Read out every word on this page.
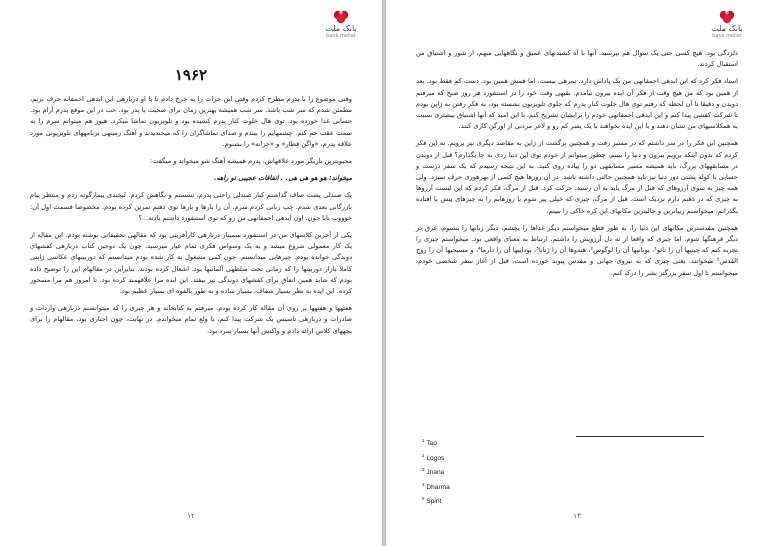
بانک ملت
bank mellat
۱۹۶۲

وقتی موضوع را با پدرم مطرح کردم وقتی این جرات را به خرج دادم تا با او دربارهی این ایدهی احمقانه حرف بزنم، مطمئن شدم که سر شب باشد. سر شب همیشه بهترین زمان برای صحبت با پدر بود. خب در این موقع پدرم آرام بود. حسابی غذا خورده بود. توی هال خلوت کنار پدرم کشیده بود و تلویزیون تماشا میکرد. هنوز هم میتوانم سرم را به سمت عقب خم کنم. چشمهایم را ببندم و صدای تماشاگران را که میخندیدند و آهنگ زمینهی برنامههای تلویزیونی مورد علاقه پدرم، «واگن قطار» و «خزانه» را بشنوم.

محبوبترین بازیگر مورد علاقهاش، پدرم همیشه آهنگ شو میخواند و میگفت:

میخواند: هو هو هی هی. . اتفاقات عجیبی تو راهه.

یک صندلی پشت صاف گذاشتم کنار صندلی راحتی پدرم، نشستم و نگاهش کردم. لبخندی بیمارگونه زدم و منتظر پیام بازرگانی بعدی شدم. چپ زبانی کردم سرم. آن را بارها و بارها توی ذهنم تمرین کرده بودم. مخصوصا قسمت اول آن: خوووب بابا جون، اون ایدهی احمقانهی من رو که توی استنفورد داشتم یادته...؟

یکی از آخرین کلاسهای من در استنفورد سمینار دربارهی کارآفرینی بود که مقالهی تحقیقاتی نوشته بودم. این مقاله از یک کار معمولی شروع میشد و به یک وسواس فکری تمام عیار میرسید. چون یک دوجین کتاب دربارهی کفشهای دوندگی خوانده بودم. چیزهایی میدانستم. چون کمی مشغول به کار شده بودم میدانستم که دوربینهای عکاسی ژاپنی کاملا بازار دوربینها را که زمانی تحت سلطهی آلمانیها بود. اشغال کرده بودند. بنابراین در مقالهام این را توضیح داده بودم که شاید همین اتفاق برای کفشهای دوندگی نیز بیفتد. این ایده مرا علاقهمند کرده بود. تا امروز هم مرا مسحور کرده. این ایده به نظر بسیار شفاف، بسیار ساده و به طور بالقوه ای بسیار عظیم بود.

هفتهها و هفتهها بر روی آن مقاله کار کرده بودم. میرفتم به کتابخانه و هر چیزی را که میتوانستم دربارهی واردات و صادرات و دربارهی تاسیس یک شرکت پیدا کنم، با ولع تمام میخواندم. در نهایت، چون اجباری بود، مقالهام را برای بچههای کلاس ارائه دادم و واکنش آنها بسیار سرد بود.

۱۲
بانک ملت
bank mellat

دلزدگی بود. هیچ کسی حتی یک سوال هم نپرسید. آنها با آه کشیدنهای عمیق و نگاههایی مبهم، از شور و اشتیاق من استقبال کردند.

استاد فکر کرد که این ایدهی احمقانهی من یک پاداش دارد. نمرهی بیست. اما همش همین بود. دست کم فقط بود. بعد از همین بود که من هیچ وقت از فکر آن ایده بیرون نیامدم. بقیهی وقت خود را در استنفورد هر روز صبح که میرفتم دویدن و دقیقا تا آن لحظه که رفتم توی هال خلوت کنار پدرم که جلوی تلویزیون نشسته بود، به فکر رفتن به ژاپن بودم تا شرکت کفشی پیدا کنم و این ایدهی احمقانهی خودم را برایشان تشریح کنم. با این امید که آنها اشتیاق بیشتری نسبت به همکلاسیهای من نشان دهند و با این ایده بخواهند با یک پسر کم رو و لاغر مردنی از اورگن کاری کنند.

همچنین این فکر را در سر داشتم که در مسیر رفت و همچنین برگشت از ژاپن به مقاصد دیگری نیز برویم. به این فکر کردم که بدون اینکه برویم بیرون و دنیا را ببینم، چطور میتوانم از خودم توی این دنیا ردی به جا بگذارم؟ قبل از دویدن در مسابقههای بزرگ، باید همیشه مسیر مسابقهی دو را پیاده روی کنید. به این نتیجه رسیدم که یک سفر درست و حسابی با کوله پشتی دور دنیا نیز باید همچنین حالتی داشته باشد. در آن روزها هیچ کسی از بهرهوری حرف نمیزد. ولی همه چیز به سوی آرزوهای که قبل از مرگ باید به آن رسید. حرکت کرد. قبل از مرگ، فکر کردم که این لیست آرزوها به چیزی که در ذهنم دارم نزدیک است. قبل از مرگ، چیزی که خیلی پیر شوم یا روزهایم را به چیزهای پیش پا افتاده بگذرانم، میخواستم زیباترین و جالبترین مکانهای این کره خاکی را ببینم.

همچنین مقدسترین مکانهای این دنیا را. به طور قطع میخواستم دیگر غذاها را بچشم، دیگر زبانها را بشنوم، غرق در دیگر فرهنگها شوم. اما چیزی که واقعا از ته دل آرزویش را داشتم، ارتباط به معنای واقعی بود. میخواستم چیزی را تجربه کنم که چینیها آن را تائو¹، یونانیها آن را لوگوس²، هندوها آن را ژنانا³، بوداییها آن را دارما⁴، و مسیحیها آن را روح القدس⁵ میخوانند. یعنی چیزی که به نیروی جهانی و مقدس پیوند خورده است. قبل از آغاز سفر شخصی خودم، میخواستم تا اول سفر بزرگتر بشر را درک کنم.

$^1$ Tao
$^2$ Logos
$^3$ Jnana
$^4$ Dharma
$^5$ Spirit
۱۳
